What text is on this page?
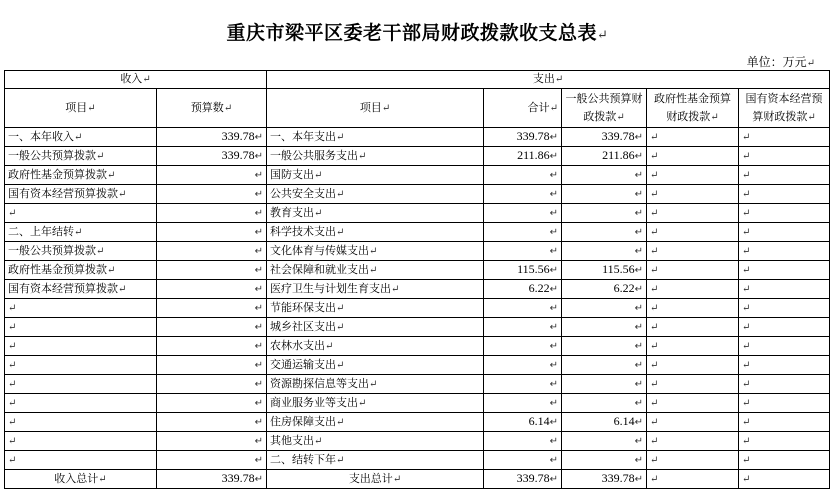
重庆市梁平区委老干部局财政拨款收支总表↵
单位：万元↵
收入↵		支出↵				
项目↵	预算数↵	项目↵	合计↵	一般公共预算财政拨款↵	政府性基金预算财政拨款↵	国有资本经营预算财政拨款↵
一、本年收入↵	339.78↵	一、本年支出↵	339.78↵	339.78↵	↵	↵
一般公共预算拨款↵	339.78↵	一般公共服务支出↵	211.86↵	211.86↵	↵	↵
政府性基金预算拨款↵	↵	国防支出↵	↵	↵	↵	↵
国有资本经营预算拨款↵	↵	公共安全支出↵	↵	↵	↵	↵
↵	↵	教育支出↵	↵	↵	↵	↵
二、上年结转↵	↵	科学技术支出↵	↵	↵	↵	↵
一般公共预算拨款↵	↵	文化体育与传媒支出↵	↵	↵	↵	↵
政府性基金预算拨款↵	↵	社会保障和就业支出↵	115.56↵	115.56↵	↵	↵
国有资本经营预算拨款↵	↵	医疗卫生与计划生育支出↵	6.22↵	6.22↵	↵	↵
↵	↵	节能环保支出↵	↵	↵	↵	↵
↵	↵	城乡社区支出↵	↵	↵	↵	↵
↵	↵	农林水支出↵	↵	↵	↵	↵
↵	↵	交通运输支出↵	↵	↵	↵	↵
↵	↵	资源勘探信息等支出↵	↵	↵	↵	↵
↵	↵	商业服务业等支出↵	↵	↵	↵	↵
↵	↵	住房保障支出↵	6.14↵	6.14↵	↵	↵
↵	↵	其他支出↵	↵	↵	↵	↵
↵	↵	二、结转下年↵	↵	↵	↵	↵
收入总计↵	339.78↵	支出总计↵	339.78↵	339.78↵	↵	↵
